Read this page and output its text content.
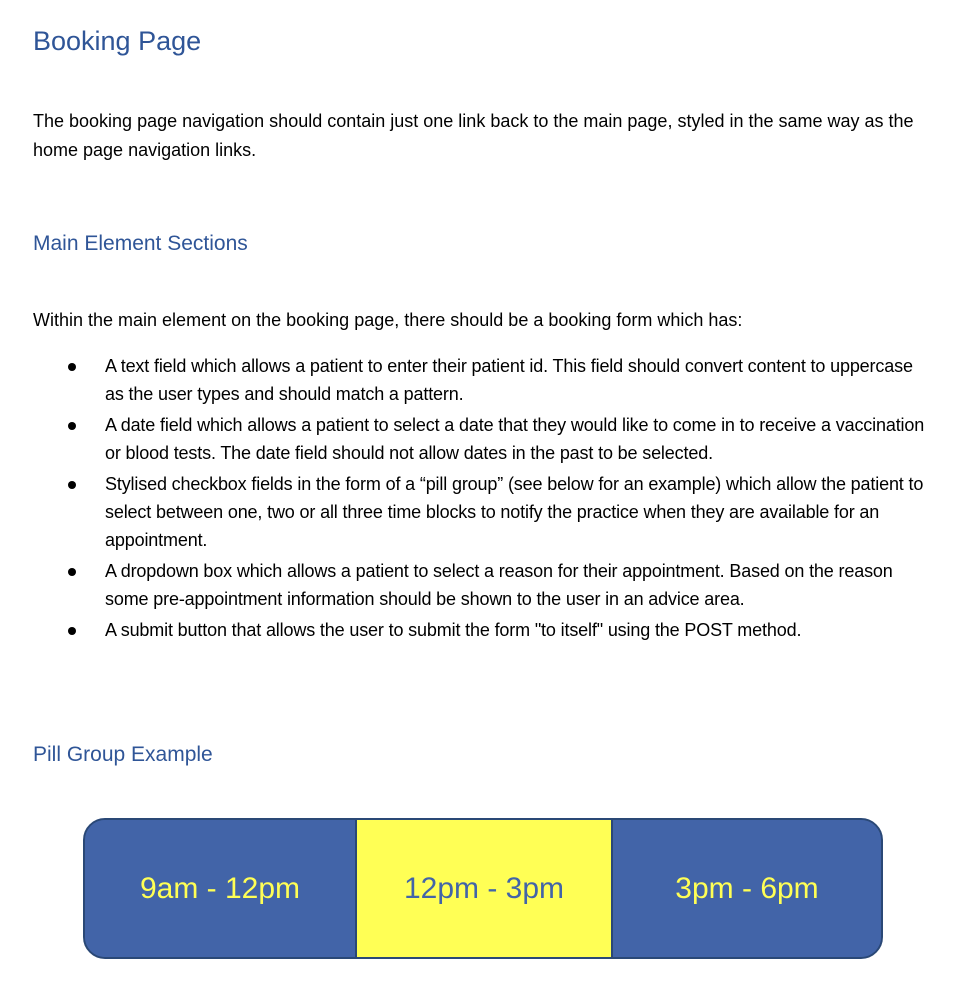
Booking Page

The booking page navigation should contain just one link back to the main page, styled in the same way as the home page navigation links.

Main Element Sections

Within the main element on the booking page, there should be a booking form which has:

A text field which allows a patient to enter their patient id. This field should convert content to uppercase as the user types and should match a pattern.
A date field which allows a patient to select a date that they would like to come in to receive a vaccination or blood tests. The date field should not allow dates in the past to be selected.
Stylised checkbox fields in the form of a “pill group” (see below for an example) which allow the patient to select between one, two or all three time blocks to notify the practice when they are available for an appointment.
A dropdown box which allows a patient to select a reason for their appointment. Based on the reason some pre-appointment information should be shown to the user in an advice area.
A submit button that allows the user to submit the form "to itself" using the POST method.
Pill Group Example
9am - 12pm	12pm - 3pm	3pm - 6pm
